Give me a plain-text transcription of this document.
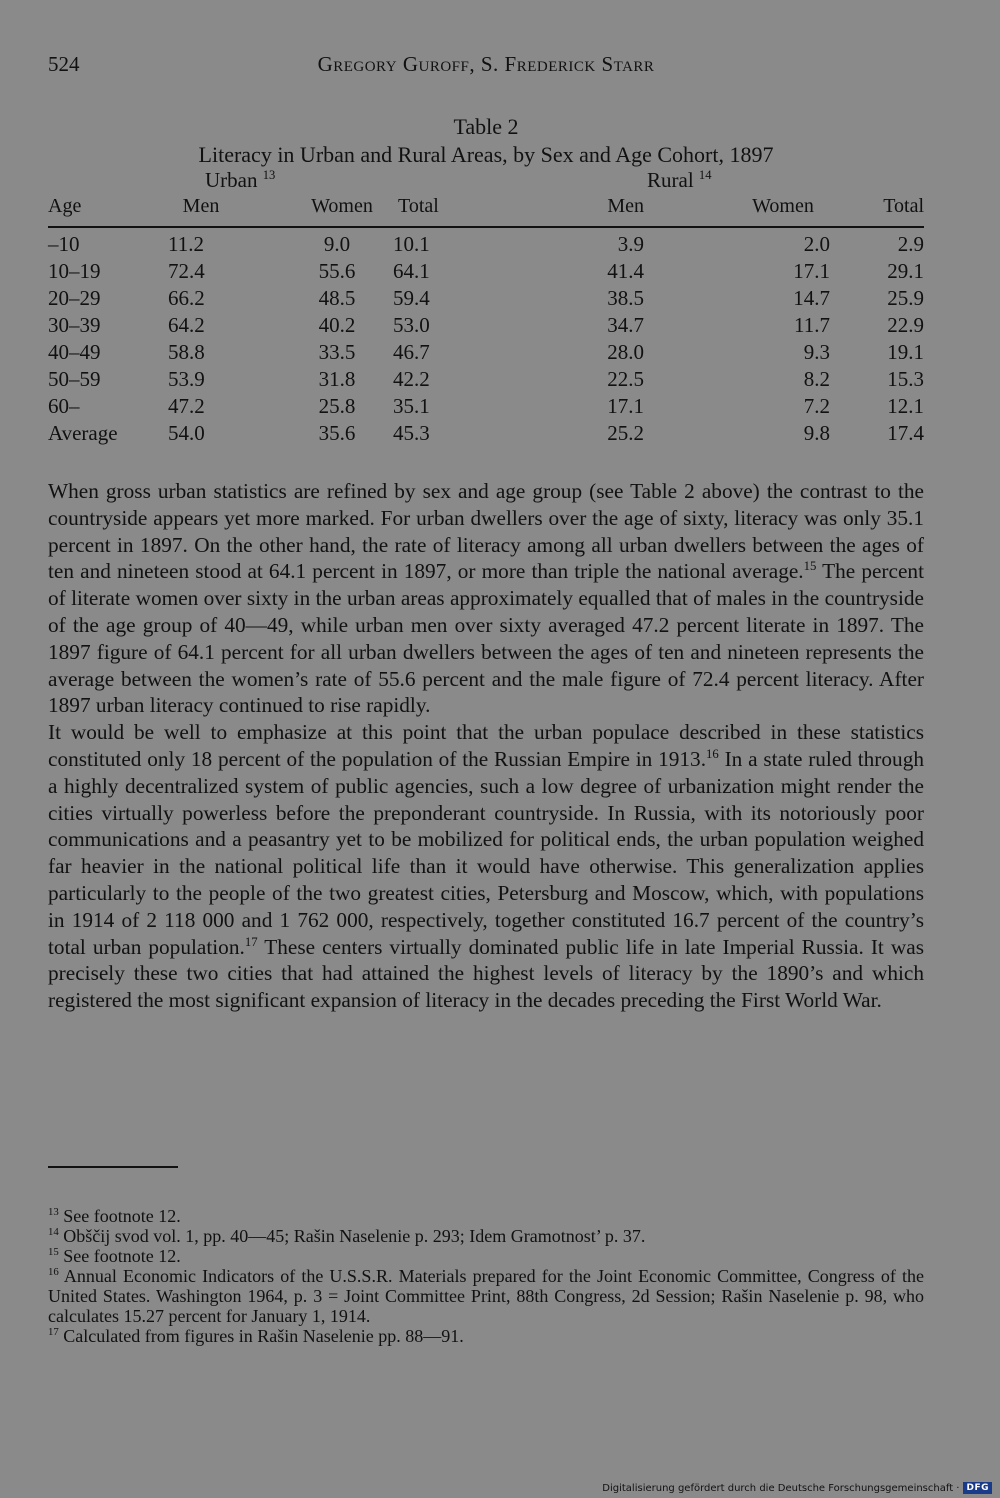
524	Gregory Guroff, S. Frederick Starr
Table 2
Literacy in Urban and Rural Areas, by Sex and Age Cohort, 1897
Urban $^{13}$	Rural $^{14}$
Age	Men	Women	Total	Men	Women	Total
–10	11.2	9.0	10.1	3.9	2.0	2.9
10–19	72.4	55.6	64.1	41.4	17.1	29.1
20–29	66.2	48.5	59.4	38.5	14.7	25.9
30–39	64.2	40.2	53.0	34.7	11.7	22.9
40–49	58.8	33.5	46.7	28.0	9.3	19.1
50–59	53.9	31.8	42.2	22.5	8.2	15.3
60–	47.2	25.8	35.1	17.1	7.2	12.1
Average	54.0	35.6	45.3	25.2	9.8	17.4

When gross urban statistics are refined by sex and age group (see Table 2 above) the contrast to the countryside appears yet more marked. For urban dwellers over the age of sixty, literacy was only 35.1 percent in 1897. On the other hand, the rate of literacy among all urban dwellers between the ages of ten and nineteen stood at 64.1 percent in 1897, or more than triple the national average.$^{15}$ The percent of literate women over sixty in the urban areas approximately equalled that of males in the countryside of the age group of 40—49, while urban men over sixty averaged 47.2 percent literate in 1897. The 1897 figure of 64.1 percent for all urban dwellers between the ages of ten and nineteen represents the average between the women’s rate of 55.6 percent and the male figure of 72.4 percent literacy. After 1897 urban literacy continued to rise rapidly.

It would be well to emphasize at this point that the urban populace described in these statistics constituted only 18 percent of the population of the Russian Empire in 1913.16 In a state ruled through a highly decentralized system of public agencies, such a low degree of urbanization might render the cities virtually powerless before the preponderant countryside. In Russia, with its notoriously poor communications and a peasantry yet to be mobilized for political ends, the urban population weighed far heavier in the national political life than it would have otherwise. This generalization applies particularly to the people of the two greatest cities, Petersburg and Moscow, which, with populations in 1914 of 2 118 000 and 1 762 000, respectively, together constituted 16.7 percent of the country’s total urban population.$^{17}$ These centers virtually dominated public life in late Imperial Russia. It was precisely these two cities that had attained the highest levels of literacy by the 1890’s and which registered the most significant expansion of literacy in the decades preceding the First World War.

$^{13}$ See footnote 12.

$^{14}$ Obščij svod vol. 1, pp. 40—45; Rašin Naselenie p. 293; Idem Gramotnost’ p. 37.

$^{15}$ See footnote 12.

$^{16}$ Annual Economic Indicators of the U.S.S.R. Materials prepared for the Joint Economic Committee, Congress of the United States. Washington 1964, p. 3 = Joint Committee Print, 88th Congress, 2d Session; Rašin Naselenie p. 98, who calculates 15.27 percent for January 1, 1914.

$^{17}$ Calculated from figures in Rašin Naselenie pp. 88—91.

Digitalisierung gefördert durch die Deutsche Forschungsgemeinschaft · DFG
